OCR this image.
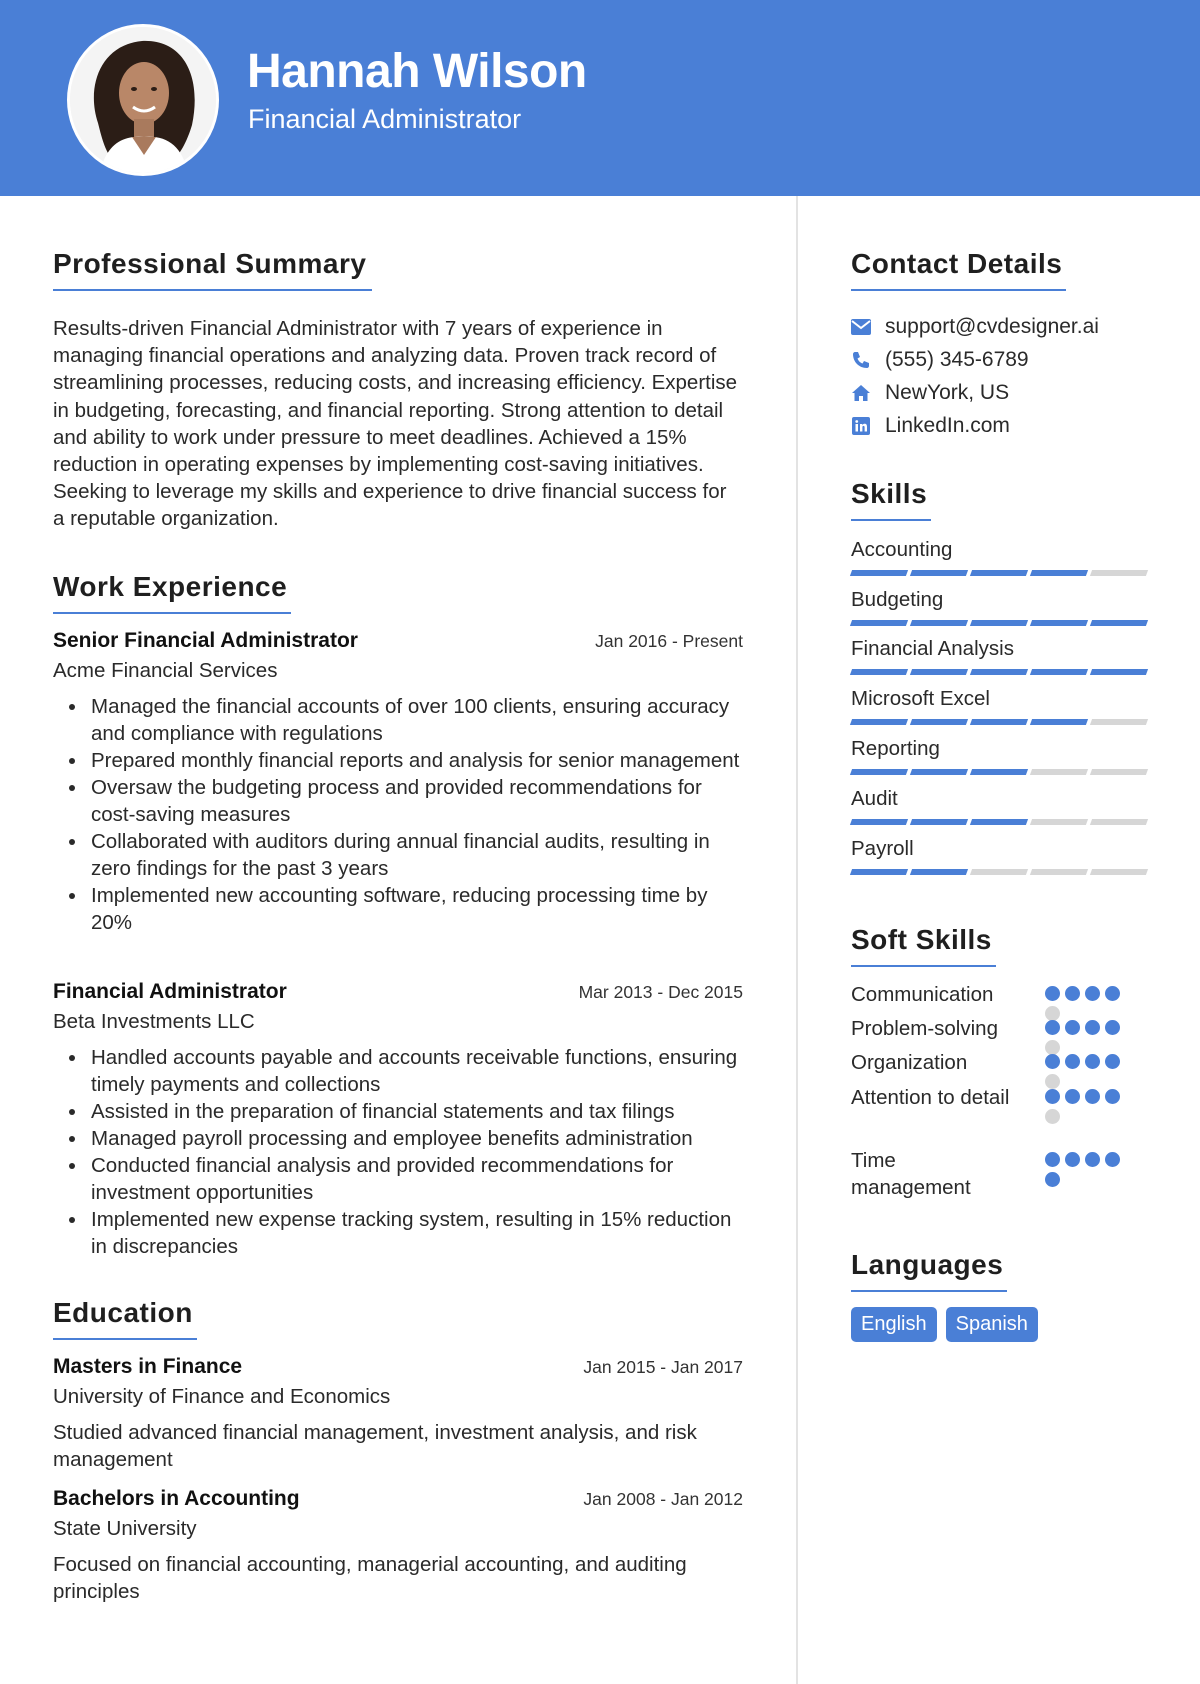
Hannah Wilson
Financial Administrator
Professional Summary
Results-driven Financial Administrator with 7 years of experience in managing financial operations and analyzing data. Proven track record of streamlining processes, reducing costs, and increasing efficiency. Expertise in budgeting, forecasting, and financial reporting. Strong attention to detail and ability to work under pressure to meet deadlines. Achieved a 15% reduction in operating expenses by implementing cost-saving initiatives. Seeking to leverage my skills and experience to drive financial success for a reputable organization.
Work Experience
Senior Financial Administrator	Jan 2016 - Present
Acme Financial Services
Managed the financial accounts of over 100 clients, ensuring accuracy and compliance with regulations
Prepared monthly financial reports and analysis for senior management
Oversaw the budgeting process and provided recommendations for cost-saving measures
Collaborated with auditors during annual financial audits, resulting in zero findings for the past 3 years
Implemented new accounting software, reducing processing time by 20%
Financial Administrator	Mar 2013 - Dec 2015
Beta Investments LLC
Handled accounts payable and accounts receivable functions, ensuring timely payments and collections
Assisted in the preparation of financial statements and tax filings
Managed payroll processing and employee benefits administration
Conducted financial analysis and provided recommendations for investment opportunities
Implemented new expense tracking system, resulting in 15% reduction in discrepancies
Education
Masters in Finance	Jan 2015 - Jan 2017
University of Finance and Economics
Studied advanced financial management, investment analysis, and risk management
Bachelors in Accounting	Jan 2008 - Jan 2012
State University
Focused on financial accounting, managerial accounting, and auditing principles
Contact Details
support@cvdesigner.ai
(555) 345-6789
NewYork, US
LinkedIn.com
Skills
Accounting
Budgeting
Financial Analysis
Microsoft Excel
Reporting
Audit
Payroll
Soft Skills
Communication
Problem-solving
Organization
Attention to detail
Time management
Languages
English	Spanish
